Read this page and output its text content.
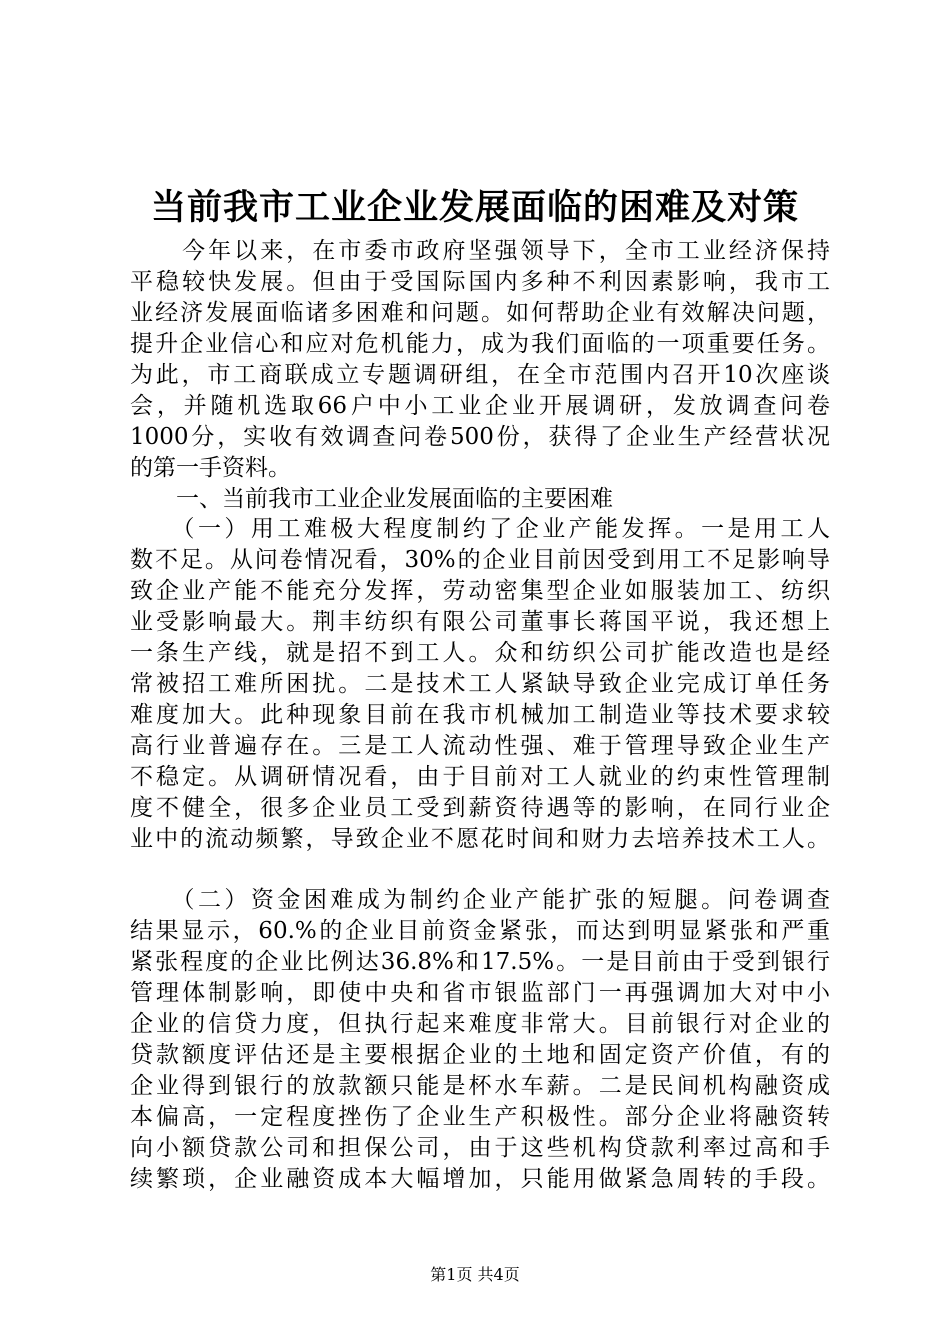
当前我市工业企业发展面临的困难及对策
　　今年以来，在市委市政府坚强领导下，全市工业经济保持
平稳较快发展。但由于受国际国内多种不利因素影响，我市工
业经济发展面临诸多困难和问题。如何帮助企业有效解决问题，
提升企业信心和应对危机能力，成为我们面临的一项重要任务。
为此，市工商联成立专题调研组，在全市范围内召开10次座谈
会，并随机选取66户中小工业企业开展调研，发放调查问卷
1000分，实收有效调查问卷500份，获得了企业生产经营状况
的第一手资料。
　　一、当前我市工业企业发展面临的主要困难
　　（一）用工难极大程度制约了企业产能发挥。一是用工人
数不足。从问卷情况看，30%的企业目前因受到用工不足影响导
致企业产能不能充分发挥，劳动密集型企业如服装加工、纺织
业受影响最大。荆丰纺织有限公司董事长蒋国平说，我还想上
一条生产线，就是招不到工人。众和纺织公司扩能改造也是经
常被招工难所困扰。二是技术工人紧缺导致企业完成订单任务
难度加大。此种现象目前在我市机械加工制造业等技术要求较
高行业普遍存在。三是工人流动性强、难于管理导致企业生产
不稳定。从调研情况看，由于目前对工人就业的约束性管理制
度不健全，很多企业员工受到薪资待遇等的影响，在同行业企
业中的流动频繁，导致企业不愿花时间和财力去培养技术工人。
　　（二）资金困难成为制约企业产能扩张的短腿。问卷调查
结果显示，60.%的企业目前资金紧张，而达到明显紧张和严重
紧张程度的企业比例达36.8%和17.5%。一是目前由于受到银行
管理体制影响，即使中央和省市银监部门一再强调加大对中小
企业的信贷力度，但执行起来难度非常大。目前银行对企业的
贷款额度评估还是主要根据企业的土地和固定资产价值，有的
企业得到银行的放款额只能是杯水车薪。二是民间机构融资成
本偏高，一定程度挫伤了企业生产积极性。部分企业将融资转
向小额贷款公司和担保公司，由于这些机构贷款利率过高和手
续繁琐，企业融资成本大幅增加，只能用做紧急周转的手段。
第1页 共4页
